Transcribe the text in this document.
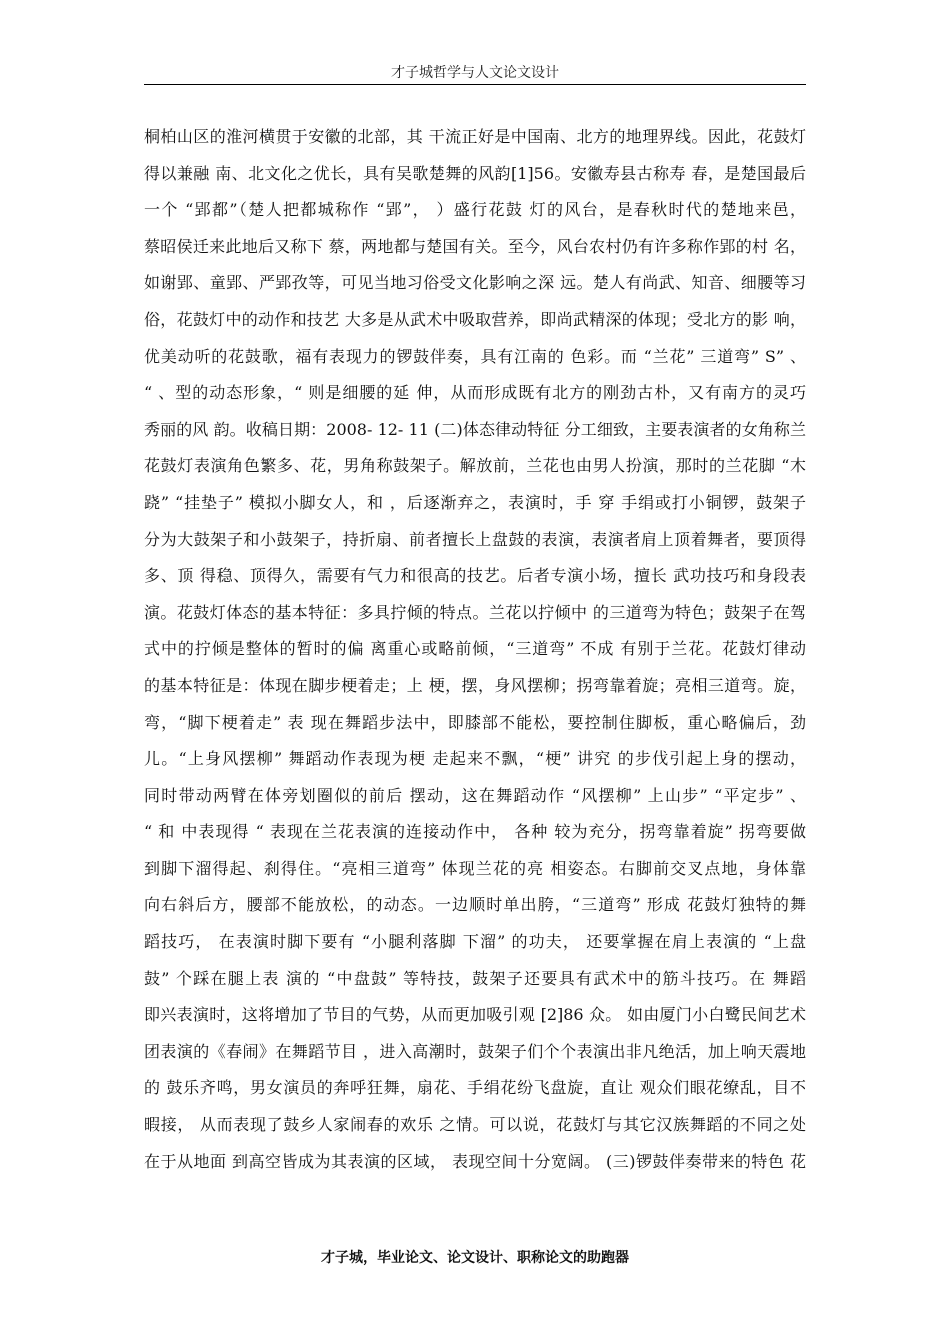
才子城哲学与人文论文设计
桐柏山区的淮河横贯于安徽的北部，其 干流正好是中国南、北方的地理界线。因此，花鼓灯
得以兼融 南、北文化之优长，具有吴歌楚舞的风韵[1]56。安徽寿县古称寿 春，是楚国最后
一个 “郢都”（楚人把都城称作 “郢”， ）盛行花鼓 灯的风台，是春秋时代的楚地来邑，
蔡昭侯迁来此地后又称下 蔡，两地都与楚国有关。至今，风台农村仍有许多称作郢的村 名，
如谢郢、童郢、严郢孜等，可见当地习俗受文化影响之深 远。楚人有尚武、知音、细腰等习
俗，花鼓灯中的动作和技艺 大多是从武术中吸取营养，即尚武精深的体现；受北方的影 响，
优美动听的花鼓歌，福有表现力的锣鼓伴奏，具有江南的 色彩。而 “兰花” 三道弯” S” 、
“ 、型的动态形象，“ 则是细腰的延 伸，从而形成既有北方的刚劲古朴，又有南方的灵巧
秀丽的风 韵。收稿日期：2008- 12- 11 (二)体态律动特征 分工细致，主要表演者的女角称兰
花鼓灯表演角色繁多、花，男角称鼓架子。解放前，兰花也由男人扮演，那时的兰花脚 “木
跷” “挂垫子” 模拟小脚女人，和 ，后逐渐弃之，表演时，手 穿 手绢或打小铜锣，鼓架子
分为大鼓架子和小鼓架子，持折扇、前者擅长上盘鼓的表演，表演者肩上顶着舞者，要顶得
多、顶 得稳、顶得久，需要有气力和很高的技艺。后者专演小场，擅长 武功技巧和身段表
演。花鼓灯体态的基本特征：多具拧倾的特点。兰花以拧倾中 的三道弯为特色；鼓架子在驾
式中的拧倾是整体的暂时的偏 离重心或略前倾，“三道弯” 不成 有别于兰花。花鼓灯律动
的基本特征是：体现在脚步梗着走；上 梗，摆，身风摆柳；拐弯靠着旋；亮相三道弯。旋，
弯，“脚下梗着走” 表 现在舞蹈步法中，即膝部不能松，要控制住脚板，重心略偏后，劲
儿。“上身风摆柳” 舞蹈动作表现为梗 走起来不飘，“梗” 讲究 的步伐引起上身的摆动，
同时带动两臂在体旁划圈似的前后 摆动，这在舞蹈动作 “风摆柳” 上山步” “平定步” 、
“ 和 中表现得 “ 表现在兰花表演的连接动作中， 各种 较为充分，拐弯靠着旋” 拐弯要做
到脚下溜得起、刹得住。“亮相三道弯” 体现兰花的亮 相姿态。右脚前交叉点地，身体靠
向右斜后方，腰部不能放松，的动态。一边顺时单出胯，“三道弯” 形成 花鼓灯独特的舞
蹈技巧， 在表演时脚下要有 “小腿利落脚 下溜” 的功夫， 还要掌握在肩上表演的 “上盘
鼓” 个踩在腿上表 演的 “中盘鼓” 等特技，鼓架子还要具有武术中的筋斗技巧。在 舞蹈
即兴表演时，这将增加了节目的气势，从而更加吸引观 [2]86 众。 如由厦门小白鹭民间艺术
团表演的《春闹》在舞蹈节目 ，进入高潮时，鼓架子们个个表演出非凡绝活，加上响天震地
的 鼓乐齐鸣，男女演员的奔呼狂舞，扇花、手绢花纷飞盘旋，直让 观众们眼花缭乱，目不
暇接， 从而表现了鼓乡人家闹春的欢乐 之情。可以说，花鼓灯与其它汉族舞蹈的不同之处
在于从地面 到高空皆成为其表演的区域， 表现空间十分宽阔。 (三)锣鼓伴奏带来的特色 花
才子城，毕业论文、论文设计、职称论文的助跑器
